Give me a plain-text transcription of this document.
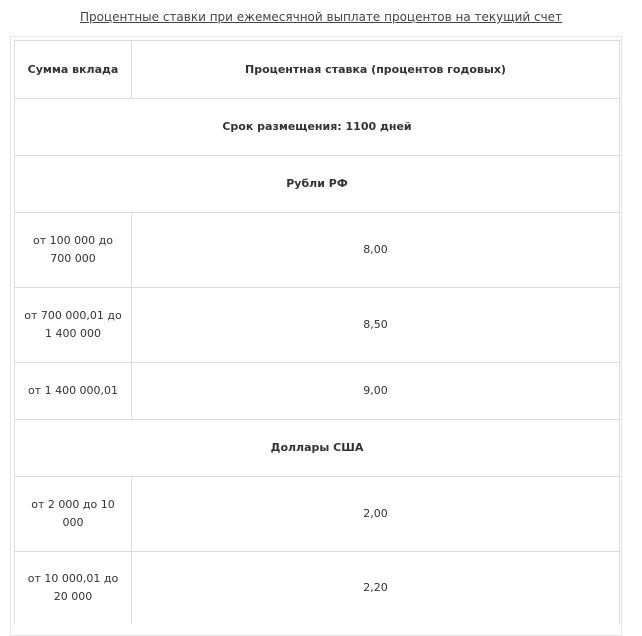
Процентные ставки при ежемесячной выплате процентов на текущий счет
Сумма вклада	Процентная ставка (процентов годовых)
Срок размещения: 1100 дней	
Рубли РФ	
от 100 000 до 700 000	8,00
от 700 000,01 до 1 400 000	8,50
от 1 400 000,01	9,00
Доллары США	
от 2 000 до 10 000	2,00
от 10 000,01 до 20 000	2,20
